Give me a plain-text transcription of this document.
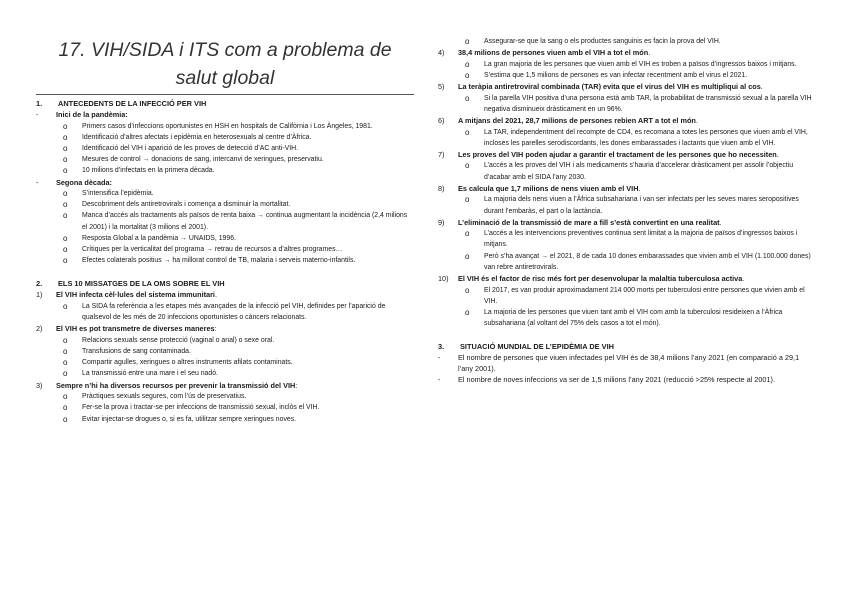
17. VIH/SIDA i ITS com a problema de salut global
1. ANTECEDENTS DE LA INFECCIÓ PER VIH
- Inici de la pandèmia:
o Primers casos d’infeccions oportunistes en HSH en hospitals de Califòrnia i Los Àngeles, 1981.
o Identificació d’altres afectats i epidèmia en heterosexuals al centre d’Àfrica.
o Identificació del VIH i aparició de les proves de detecció d’AC anti-VIH.
o Mesures de control → donacions de sang, intercanvi de xeringues, preservatiu.
o 10 milions d’infectats en la primera dècada.
- Segona dècada:
o S’intensifica l’epidèmia.
o Descobriment dels antiretrovirals i comença a disminuir la mortalitat.
o Manca d’accés als tractaments als països de renta baixa → continua augmentant la incidència (2,4 milions el 2001) i la mortalitat (3 milions el 2001).
o Resposta Global a la pandèmia → UNAIDS, 1996.
o Crítiques per la verticalitat del programa → retrau de recursos a d’altres programes…
o Efectes colaterals positius → ha millorat control de TB, malaria i serveis materno-infantils.
2. ELS 10 MISSATGES DE LA OMS SOBRE EL VIH
1) El VIH infecta cèl·lules del sistema immunitari.
o La SIDA fa referència a les etapes més avançades de la infecció pel VIH, definides per l’aparició de qualsevol de les més de 20 infeccions oportunistes o càncers relacionats.
2) El VIH es pot transmetre de diverses maneres:
o Relacions sexuals sense protecció (vaginal o anal) o sexe oral.
o Transfusions de sang contaminada.
o Compartir agulles, xeringues o altres instruments afilats contaminats.
o La transmissió entre una mare i el seu nadó.
3) Sempre n’hi ha diversos recursos per prevenir la transmissió del VIH:
o Pràctiques sexuals segures, com l’ús de preservatius.
o Fer-se la prova i tractar-se per infeccions de transmissió sexual, inclòs el VIH.
o Evitar injectar-se drogues o, si es fa, utilitzar sempre xeringues noves.
o Assegurar-se que la sang o els productes sanguinis es facin la prova del VIH.
4) 38,4 milions de persones viuen amb el VIH a tot el món.
o La gran majoria de les persones que viuen amb el VIH es troben a països d’ingressos baixos i mitjans.
o S’estima que 1,5 milions de persones es van infectar recentment amb el virus el 2021.
5) La teràpia antiretroviral combinada (TAR) evita que el virus del VIH es multipliqui al cos.
o Si la parella VIH positiva d’una persona està amb TAR, la probabilitat de transmissió sexual a la parella VIH negativa disminueix dràsticament en un 96%.
6) A mitjans del 2021, 28,7 milions de persones rebien ART a tot el món.
o La TAR, independentment del recompte de CD4, es recomana a totes les persones que viuen amb el VIH, incloses les parelles serodiscordants, les dones embarassades i lactants que viuen amb el VIH.
7) Les proves del VIH poden ajudar a garantir el tractament de les persones que ho necessiten.
o L’accés a les proves del VIH i als medicaments s’hauria d’accelerar dràsticament per assolir l’objectiu d’acabar amb el SIDA l’any 2030.
8) Es calcula que 1,7 milions de nens viuen amb el VIH.
o La majoria dels nens viuen a l’Àfrica subsahariana i van ser infectats per les seves mares seropositives durant l’embaràs, el part o la lactància.
9) L’eliminació de la transmissió de mare a fill s’està convertint en una realitat.
o L’accés a les intervencions preventives continua sent limitat a la majoria de països d’ingressos baixos i mitjans.
o Però s’ha avançat → el 2021, 8 de cada 10 dones embarassades que vivien amb el VIH (1.100.000 dones) van rebre antiretrovirals.
10) El VIH és el factor de risc més fort per desenvolupar la malaltia tuberculosa activa.
o El 2017, es van produir aproximadament 214 000 morts per tuberculosi entre persones que vivien amb el VIH.
o La majoria de les persones que viuen tant amb el VIH com amb la tuberculosi resideixen a l’Àfrica subsahariana (al voltant del 75% dels casos a tot el món).
3. SITUACIÓ MUNDIAL DE L’EPIDÈMIA DE VIH
- El nombre de persones que viuen infectades pel VIH és de 38,4 milions l’any 2021 (en comparació a 29,1 l’any 2001).
- El nombre de noves infeccions va ser de 1,5 milions l’any 2021 (reducció >25% respecte al 2001).
